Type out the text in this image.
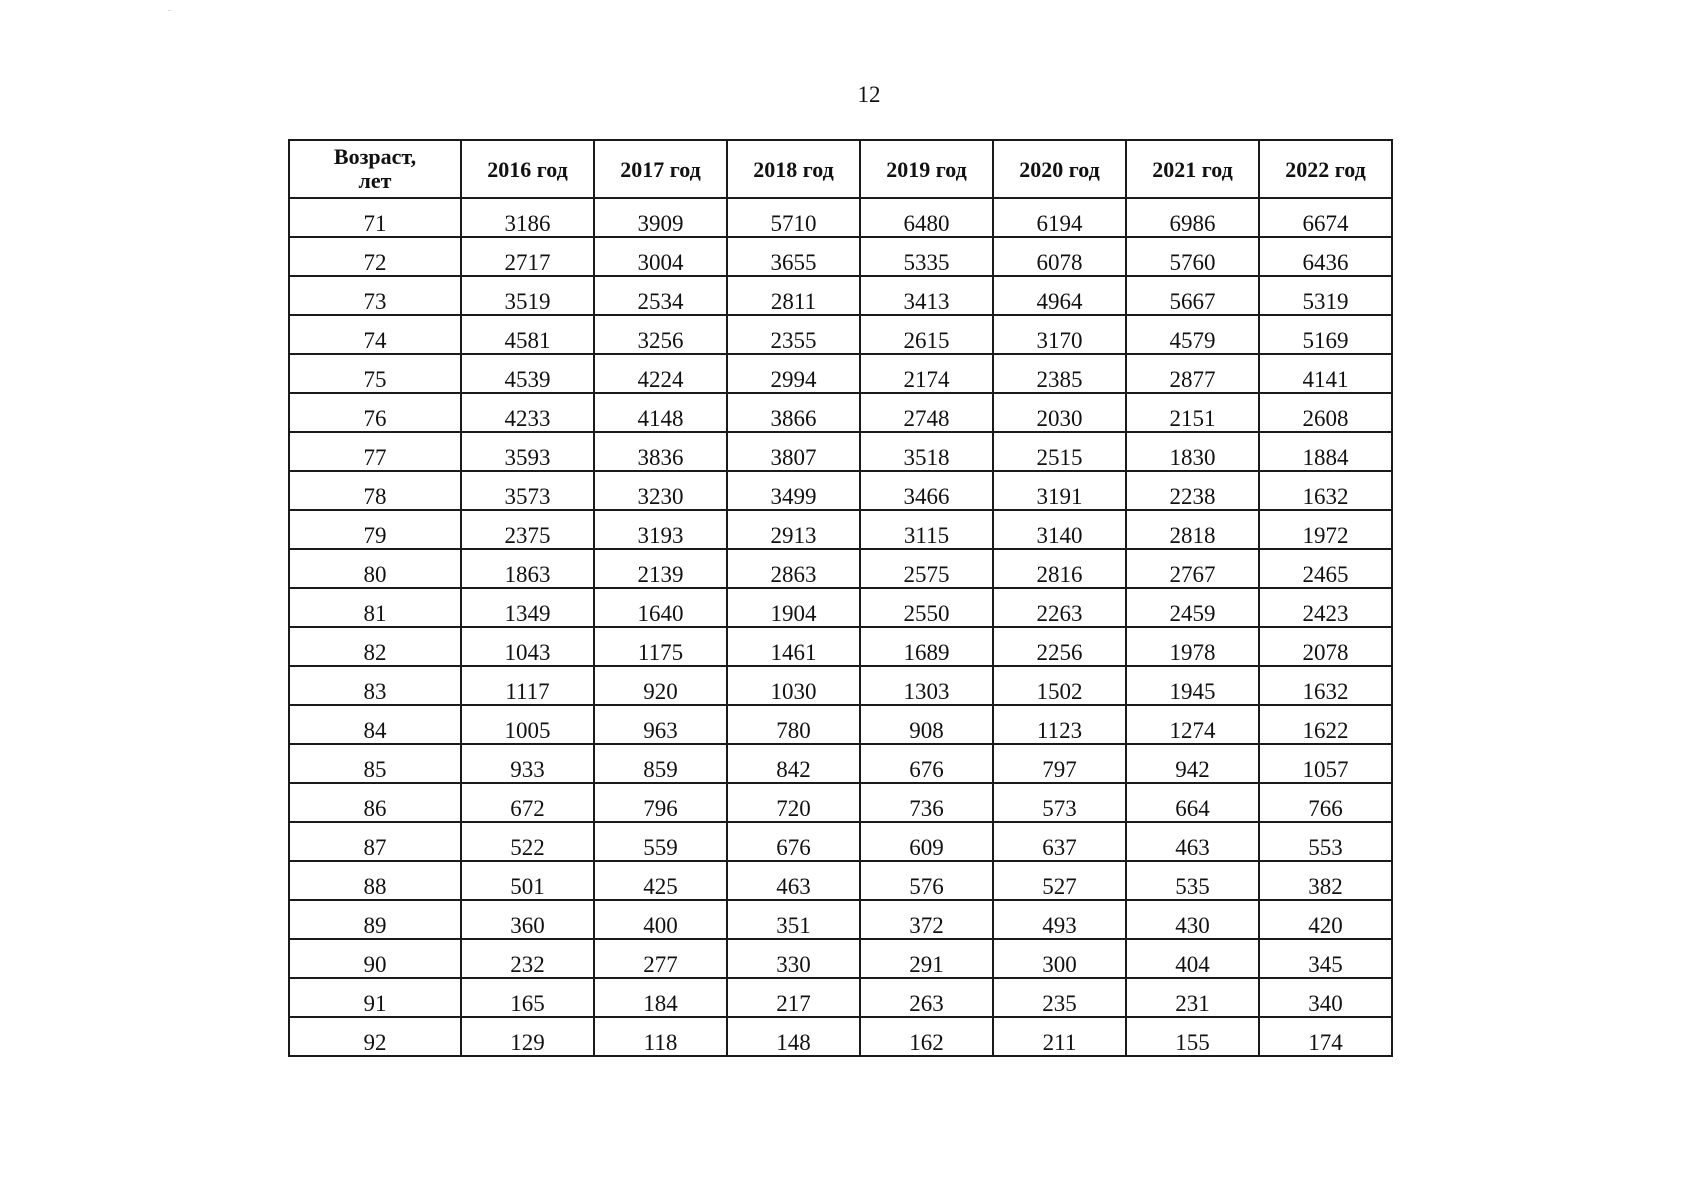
12
Возраст,
лет	2016 год	2017 год	2018 год	2019 год	2020 год	2021 год	2022 год
71	3186	3909	5710	6480	6194	6986	6674
72	2717	3004	3655	5335	6078	5760	6436
73	3519	2534	2811	3413	4964	5667	5319
74	4581	3256	2355	2615	3170	4579	5169
75	4539	4224	2994	2174	2385	2877	4141
76	4233	4148	3866	2748	2030	2151	2608
77	3593	3836	3807	3518	2515	1830	1884
78	3573	3230	3499	3466	3191	2238	1632
79	2375	3193	2913	3115	3140	2818	1972
80	1863	2139	2863	2575	2816	2767	2465
81	1349	1640	1904	2550	2263	2459	2423
82	1043	1175	1461	1689	2256	1978	2078
83	1117	920	1030	1303	1502	1945	1632
84	1005	963	780	908	1123	1274	1622
85	933	859	842	676	797	942	1057
86	672	796	720	736	573	664	766
87	522	559	676	609	637	463	553
88	501	425	463	576	527	535	382
89	360	400	351	372	493	430	420
90	232	277	330	291	300	404	345
91	165	184	217	263	235	231	340
92	129	118	148	162	211	155	174
